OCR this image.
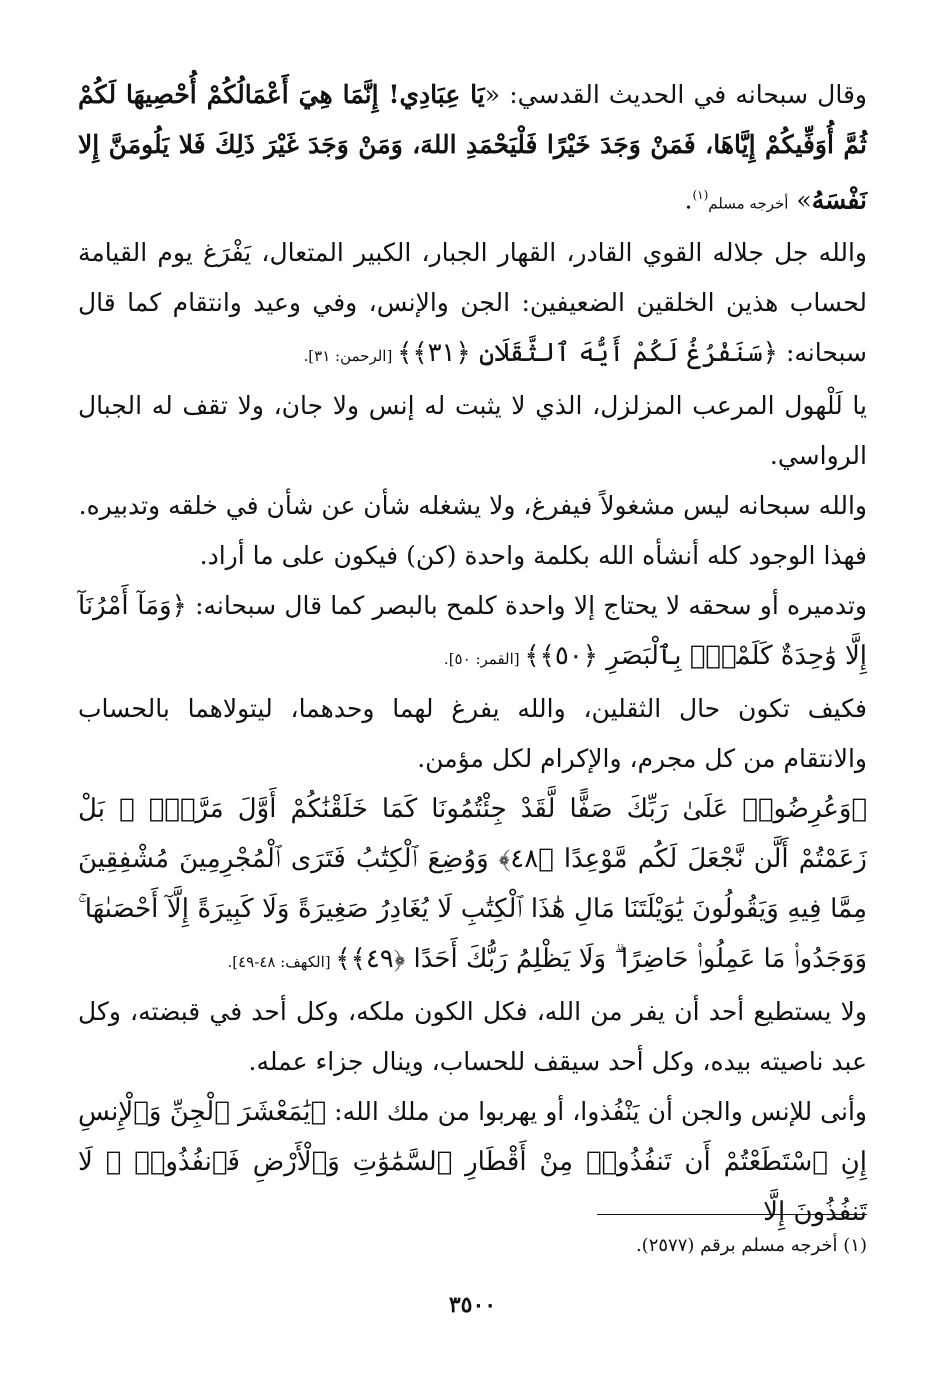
وقال سبحانه في الحديث القدسي: «يَا عِبَادِي! إِنَّمَا هِيَ أَعْمَالُكُمْ أُحْصِيهَا لَكُمْ ثُمَّ أُوَفِّيكُمْ إِيَّاهَا، فَمَنْ وَجَدَ خَيْرًا فَلْيَحْمَدِ اللهَ، وَمَنْ وَجَدَ غَيْرَ ذَلِكَ فَلا يَلُومَنَّ إِلا نَفْسَهُ» أخرجه مسلم$^{(١)}$.

والله جل جلاله القوي القادر، القهار الجبار، الكبير المتعال، يَفْرَغ يوم القيامة لحساب هذين الخلقين الضعيفين: الجن والإنس، وفي وعيد وانتقام كما قال سبحانه: ﴿سَنَفْرُغُ لَكُمْ أَيُّهَ ٱلثَّقَلَانِ ﴿٣١﴾﴾ [الرحمن: ٣١].

يا لَلْهول المرعب المزلزل، الذي لا يثبت له إنس ولا جان، ولا تقف له الجبال الرواسي.

والله سبحانه ليس مشغولاً فيفرغ، ولا يشغله شأن عن شأن في خلقه وتدبيره.

فهذا الوجود كله أنشأه الله بكلمة واحدة (كن) فيكون على ما أراد.

وتدميره أو سحقه لا يحتاج إلا واحدة كلمح بالبصر كما قال سبحانه: ﴿وَمَآ أَمْرُنَآ إِلَّا وَٰحِدَةٌ كَلَمْحٍۭ بِٱلْبَصَرِ ﴿٥٠﴾﴾ [القمر: ٥٠].

فكيف تكون حال الثقلين، والله يفرغ لهما وحدهما، ليتولاهما بالحساب والانتقام من كل مجرم، والإكرام لكل مؤمن.

﴿وَعُرِضُوا۟ عَلَىٰ رَبِّكَ صَفًّا لَّقَدْ جِئْتُمُونَا كَمَا خَلَقْنَٰكُمْ أَوَّلَ مَرَّةٍۭ ۚ بَلْ زَعَمْتُمْ أَلَّن نَّجْعَلَ لَكُم مَّوْعِدًا ﴿٤٨﴾ وَوُضِعَ ٱلْكِتَٰبُ فَتَرَى ٱلْمُجْرِمِينَ مُشْفِقِينَ مِمَّا فِيهِ وَيَقُولُونَ يَٰوَيْلَتَنَا مَالِ هَٰذَا ٱلْكِتَٰبِ لَا يُغَادِرُ صَغِيرَةً وَلَا كَبِيرَةً إِلَّآ أَحْصَىٰهَا ۚ وَوَجَدُوا۟ مَا عَمِلُوا۟ حَاضِرًا ۗ وَلَا يَظْلِمُ رَبُّكَ أَحَدًا ﴿٤٩﴾﴾ [الكهف: ٤٨-٤٩].

ولا يستطيع أحد أن يفر من الله، فكل الكون ملكه، وكل أحد في قبضته، وكل عبد ناصيته بيده، وكل أحد سيقف للحساب، وينال جزاء عمله.

وأنى للإنس والجن أن يَنْفُذوا، أو يهربوا من ملك الله: ﴿يَٰمَعْشَرَ ٱلْجِنِّ وَٱلْإِنسِ إِنِ ٱسْتَطَعْتُمْ أَن تَنفُذُوا۟ مِنْ أَقْطَارِ ٱلسَّمَٰوَٰتِ وَٱلْأَرْضِ فَٱنفُذُوا۟ ۚ لَا تَنفُذُونَ إِلَّا

(١) أخرجه مسلم برقم (٢٥٧٧).
٣٥٠٠
